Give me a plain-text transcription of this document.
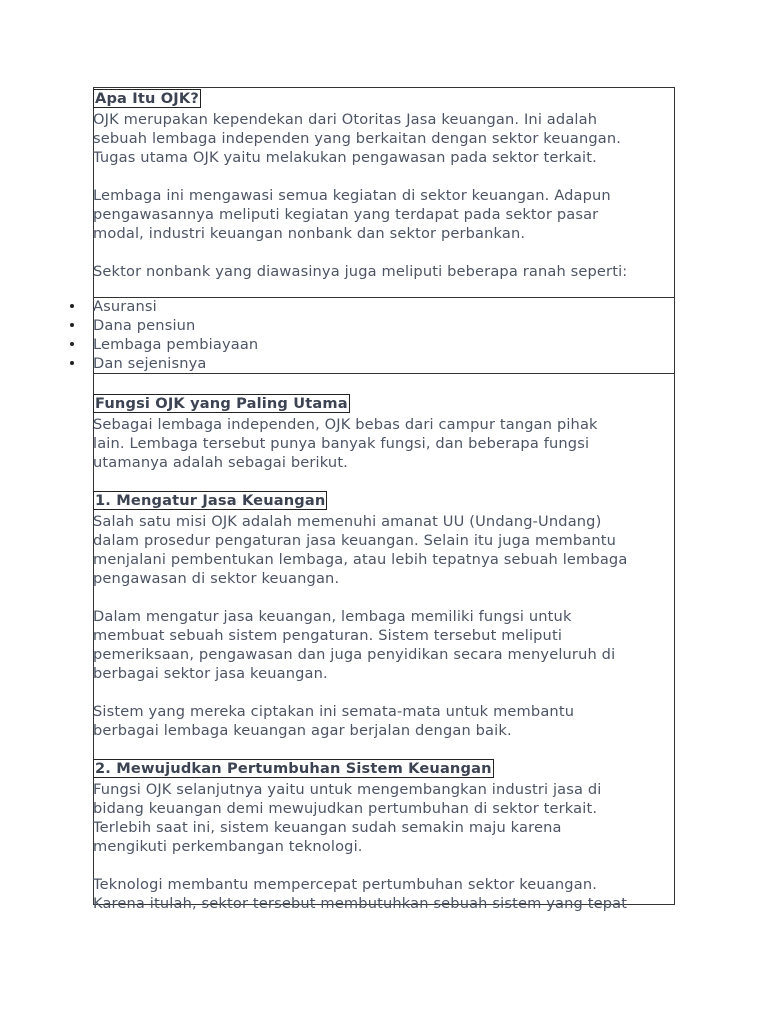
Apa Itu OJK?

OJK merupakan kependekan dari Otoritas Jasa keuangan. Ini adalah
sebuah lembaga independen yang berkaitan dengan sektor keuangan.
Tugas utama OJK yaitu melakukan pengawasan pada sektor terkait.

Lembaga ini mengawasi semua kegiatan di sektor keuangan. Adapun
pengawasannya meliputi kegiatan yang terdapat pada sektor pasar
modal, industri keuangan nonbank dan sektor perbankan.

Sektor nonbank yang diawasinya juga meliputi beberapa ranah seperti:

Asuransi
Dana pensiun
Lembaga pembiayaan
Dan sejenisnya
Fungsi OJK yang Paling Utama

Sebagai lembaga independen, OJK bebas dari campur tangan pihak
lain. Lembaga tersebut punya banyak fungsi, dan beberapa fungsi
utamanya adalah sebagai berikut.

1. Mengatur Jasa Keuangan

Salah satu misi OJK adalah memenuhi amanat UU (Undang-Undang)
dalam prosedur pengaturan jasa keuangan. Selain itu juga membantu
menjalani pembentukan lembaga, atau lebih tepatnya sebuah lembaga
pengawasan di sektor keuangan.

Dalam mengatur jasa keuangan, lembaga memiliki fungsi untuk
membuat sebuah sistem pengaturan. Sistem tersebut meliputi
pemeriksaan, pengawasan dan juga penyidikan secara menyeluruh di
berbagai sektor jasa keuangan.

Sistem yang mereka ciptakan ini semata-mata untuk membantu
berbagai lembaga keuangan agar berjalan dengan baik.

2. Mewujudkan Pertumbuhan Sistem Keuangan

Fungsi OJK selanjutnya yaitu untuk mengembangkan industri jasa di
bidang keuangan demi mewujudkan pertumbuhan di sektor terkait.
Terlebih saat ini, sistem keuangan sudah semakin maju karena
mengikuti perkembangan teknologi.

Teknologi membantu mempercepat pertumbuhan sektor keuangan.
Karena itulah, sektor tersebut membutuhkan sebuah sistem yang tepat
